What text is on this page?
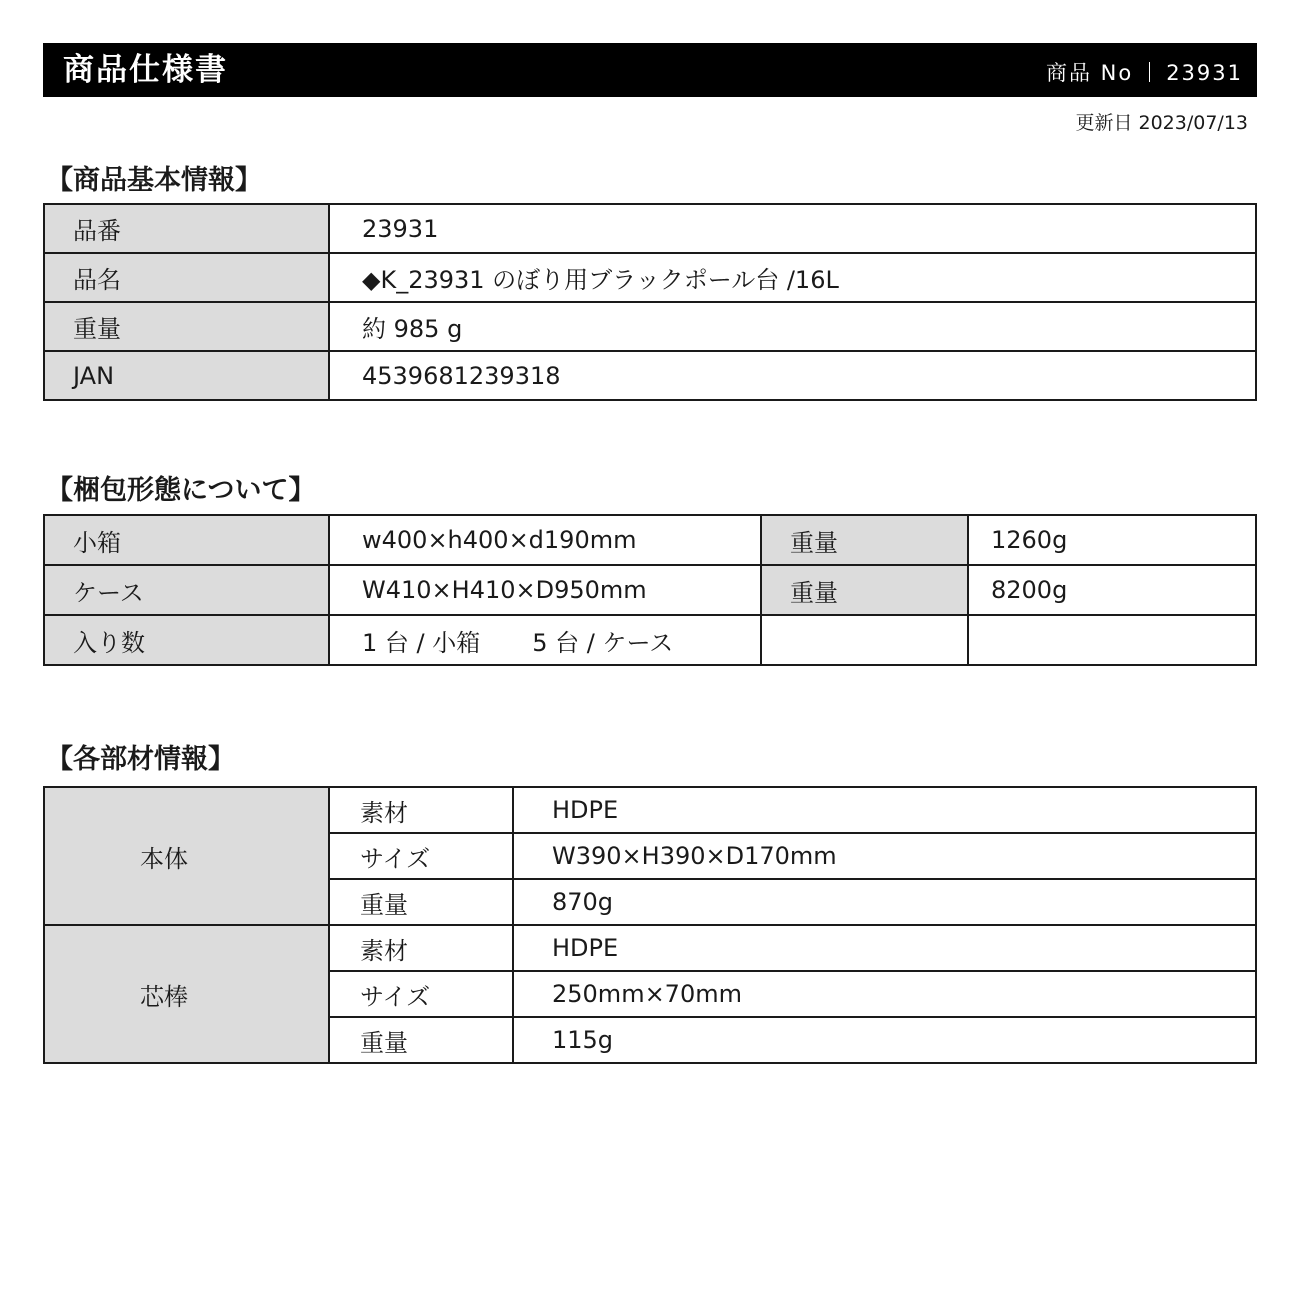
商品仕様書	商品 No 23931
更新日 2023/07/13
【商品基本情報】
品番	23931
品名	◆K_23931 のぼり用ブラックポール台 /16L
重量	約 985 g
JAN	4539681239318
【梱包形態について】
小箱	w400×h400×d190mm	重量	1260g
ケース	W410×H410×D950mm	重量	8200g
入り数	1 台 / 小箱 5 台 / ケース		
【各部材情報】
本体	素材	HDPE
	サイズ	W390×H390×D170mm
	重量	870g
芯棒	素材	HDPE
	サイズ	250mm×70mm
	重量	115g
